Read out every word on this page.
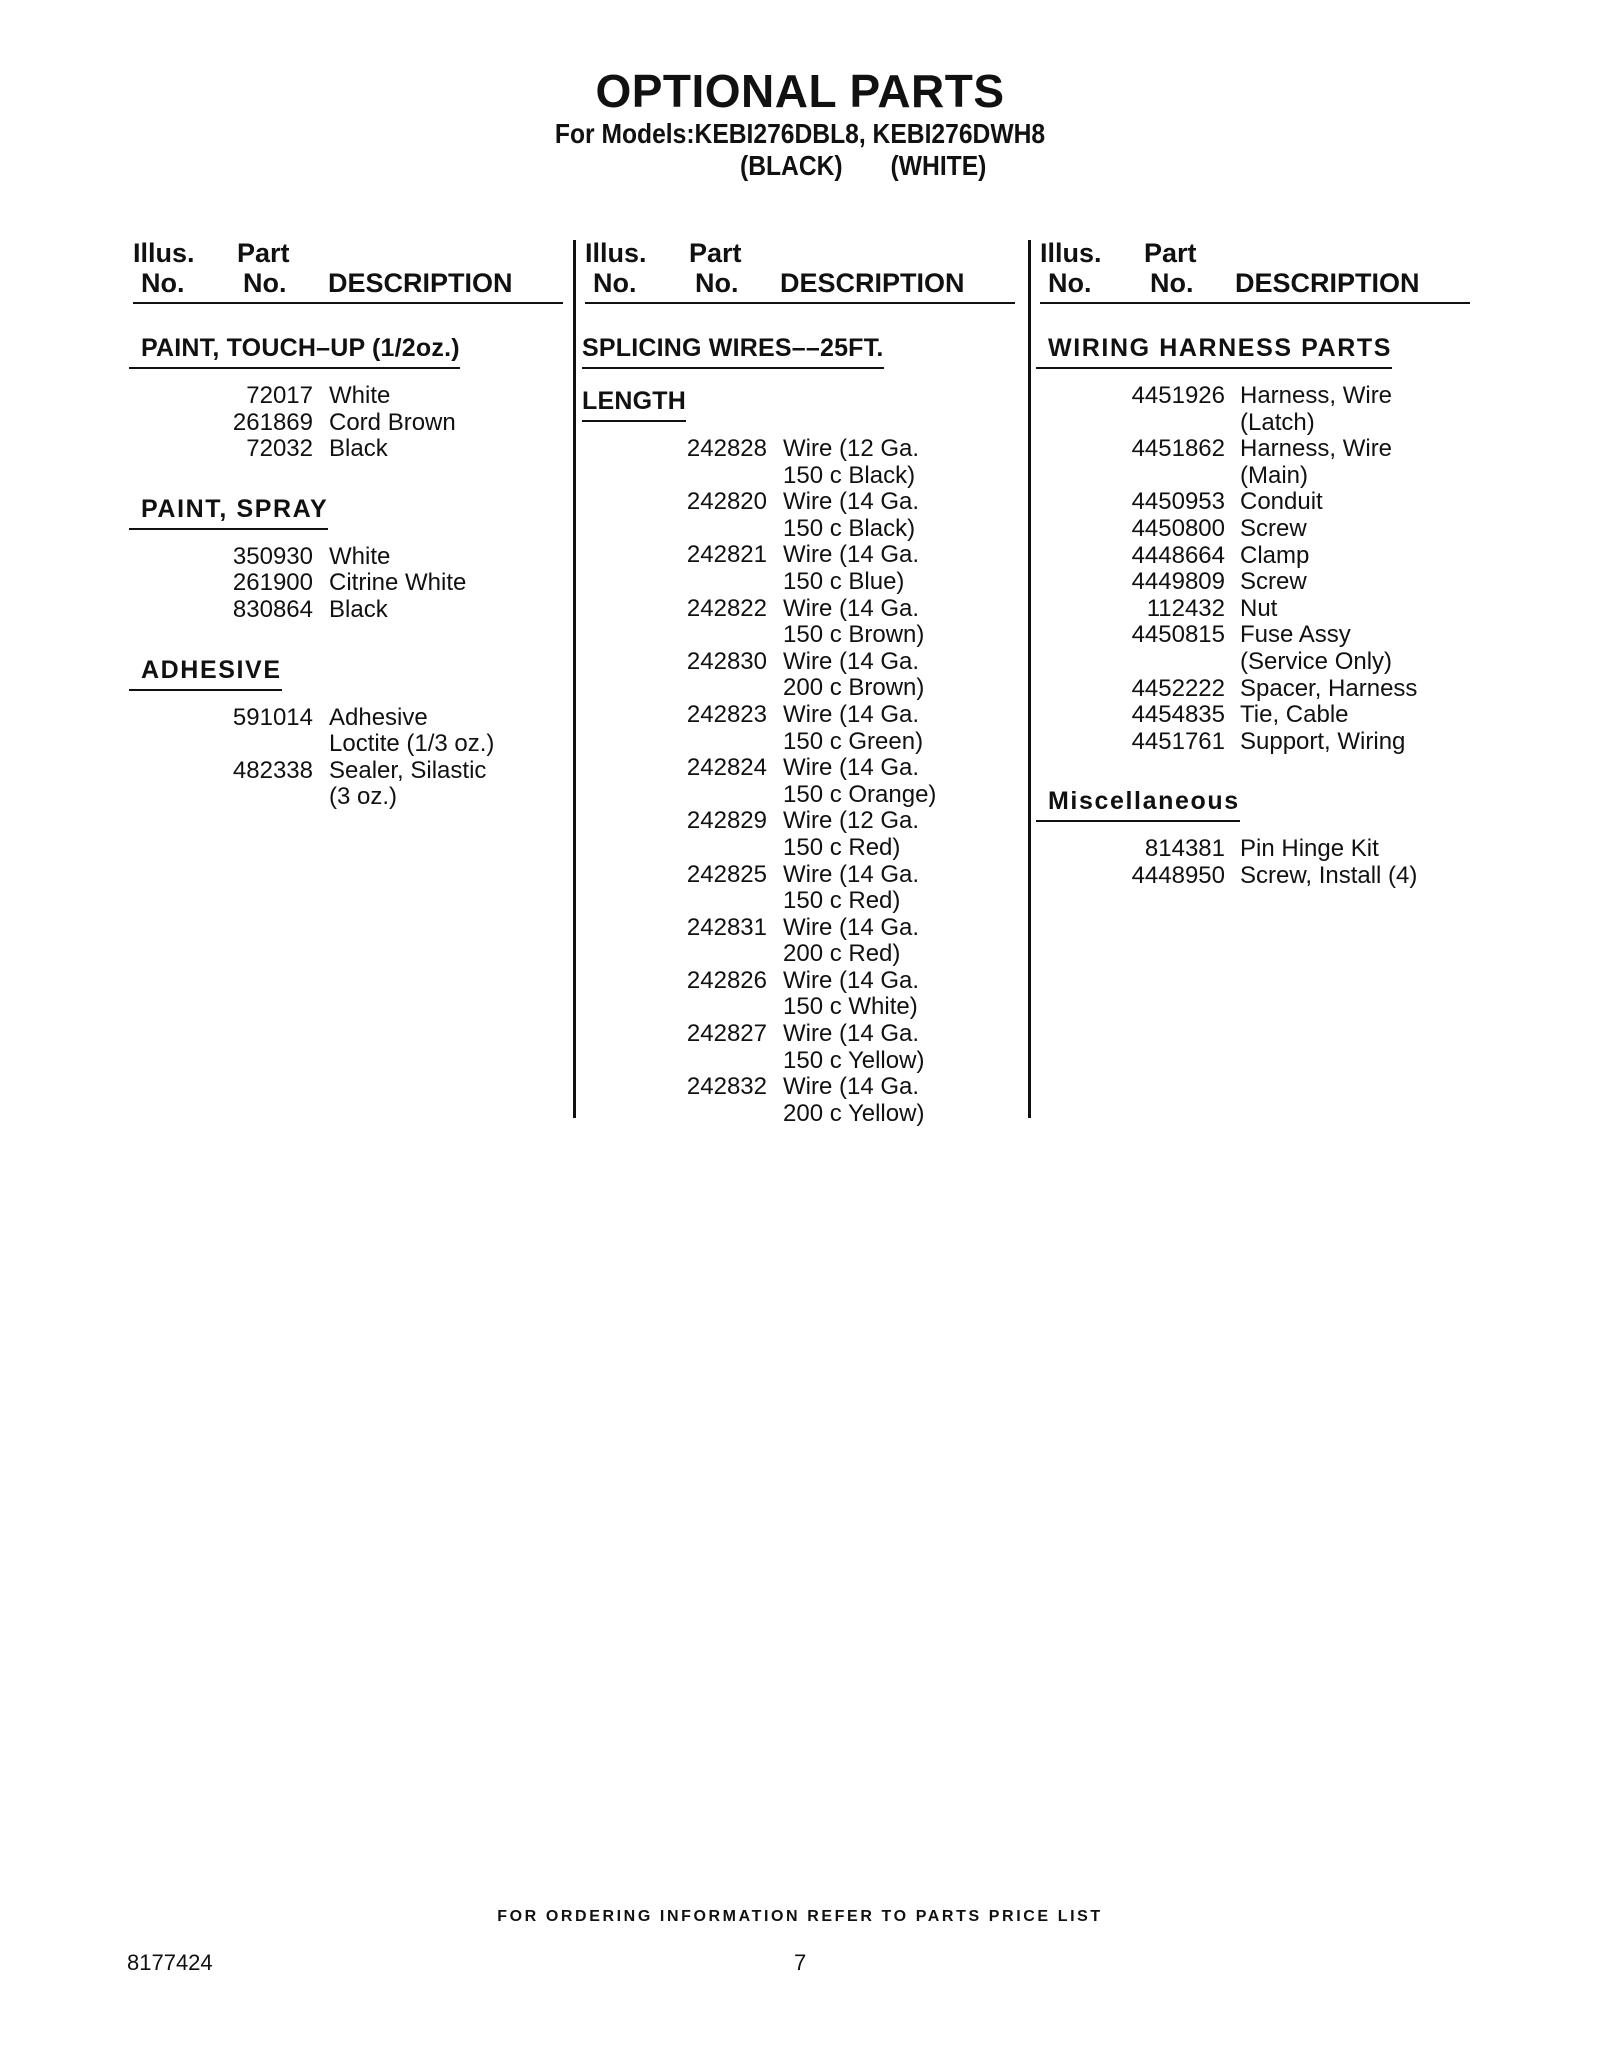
OPTIONAL PARTS
For Models:KEBI276DBL8, KEBI276DWH8
(BLACK)       (WHITE)
Illus.
No.
Part
No. DESCRIPTION
PAINT, TOUCH–UP (1/2oz.)
72017 White
261869 Cord Brown
72032 Black
PAINT, SPRAY
350930 White
261900 Citrine White
830864 Black
ADHESIVE
591014 Adhesive
Loctite (1/3 oz.)
482338 Sealer, Silastic
(3 oz.)
Illus.
No.
Part
No. DESCRIPTION
SPLICING WIRES––25FT.
LENGTH
242828 Wire (12 Ga.
150 c Black)
242820 Wire (14 Ga.
150 c Black)
242821 Wire (14 Ga.
150 c Blue)
242822 Wire (14 Ga.
150 c Brown)
242830 Wire (14 Ga.
200 c Brown)
242823 Wire (14 Ga.
150 c Green)
242824 Wire (14 Ga.
150 c Orange)
242829 Wire (12 Ga.
150 c Red)
242825 Wire (14 Ga.
150 c Red)
242831 Wire (14 Ga.
200 c Red)
242826 Wire (14 Ga.
150 c White)
242827 Wire (14 Ga.
150 c Yellow)
242832 Wire (14 Ga.
200 c Yellow)
Illus.
No.
Part
No. DESCRIPTION
WIRING HARNESS PARTS
4451926 Harness, Wire
(Latch)
4451862 Harness, Wire
(Main)
4450953 Conduit
4450800 Screw
4448664 Clamp
4449809 Screw
112432 Nut
4450815 Fuse Assy
(Service Only)
4452222 Spacer, Harness
4454835 Tie, Cable
4451761 Support, Wiring
Miscellaneous
814381 Pin Hinge Kit
4448950 Screw, Install (4)
FOR ORDERING INFORMATION REFER TO PARTS PRICE LIST
8177424	7
